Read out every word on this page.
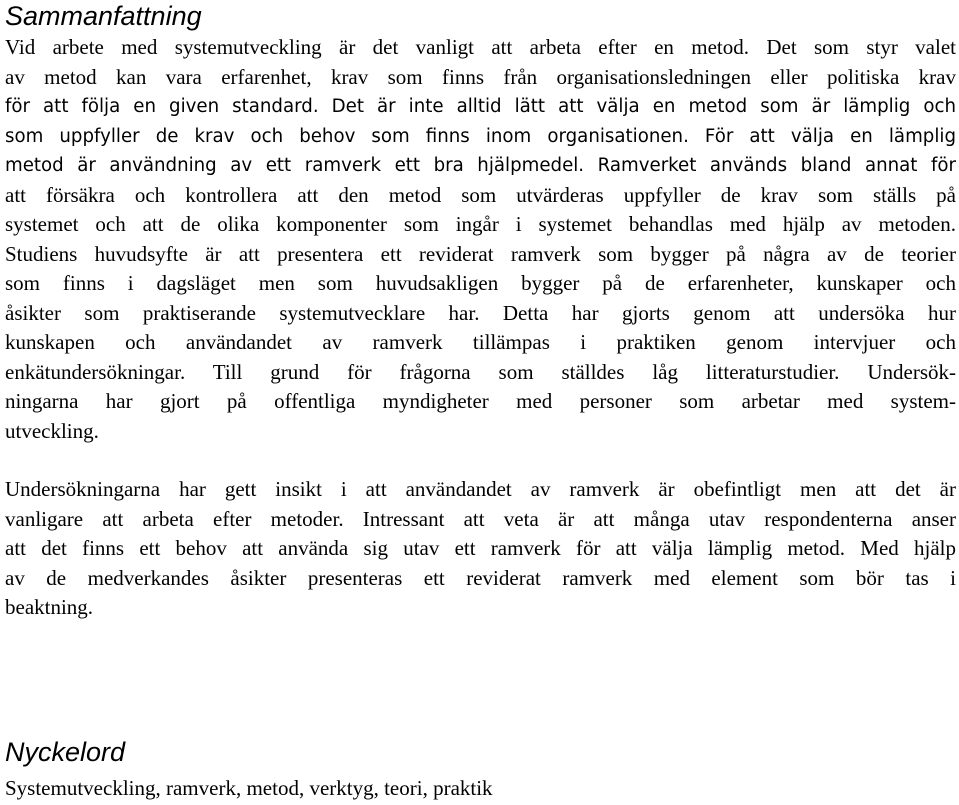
Sammanfattning
Vid arbete med systemutveckling är det vanligt att arbeta efter en metod. Det som styr valet
av metod kan vara erfarenhet, krav som finns från organisationsledningen eller politiska krav
för att följa en given standard. Det är inte alltid lätt att välja en metod som är lämplig och
som uppfyller de krav och behov som finns inom organisationen. För att välja en lämplig
metod är användning av ett ramverk ett bra hjälpmedel. Ramverket används bland annat för
att försäkra och kontrollera att den metod som utvärderas uppfyller de krav som ställs på
systemet och att de olika komponenter som ingår i systemet behandlas med hjälp av metoden.
Studiens huvudsyfte är att presentera ett reviderat ramverk som bygger på några av de teorier
som finns i dagsläget men som huvudsakligen bygger på de erfarenheter, kunskaper och
åsikter som praktiserande systemutvecklare har. Detta har gjorts genom att undersöka hur
kunskapen och användandet av ramverk tillämpas i praktiken genom intervjuer och
enkätundersökningar. Till grund för frågorna som ställdes låg litteraturstudier. Undersök-
ningarna har gjort på offentliga myndigheter med personer som arbetar med system-
utveckling.
Undersökningarna har gett insikt i att användandet av ramverk är obefintligt men att det är
vanligare att arbeta efter metoder. Intressant att veta är att många utav respondenterna anser
att det finns ett behov att använda sig utav ett ramverk för att välja lämplig metod. Med hjälp
av de medverkandes åsikter presenteras ett reviderat ramverk med element som bör tas i
beaktning.
Nyckelord

Systemutveckling, ramverk, metod, verktyg, teori, praktik
